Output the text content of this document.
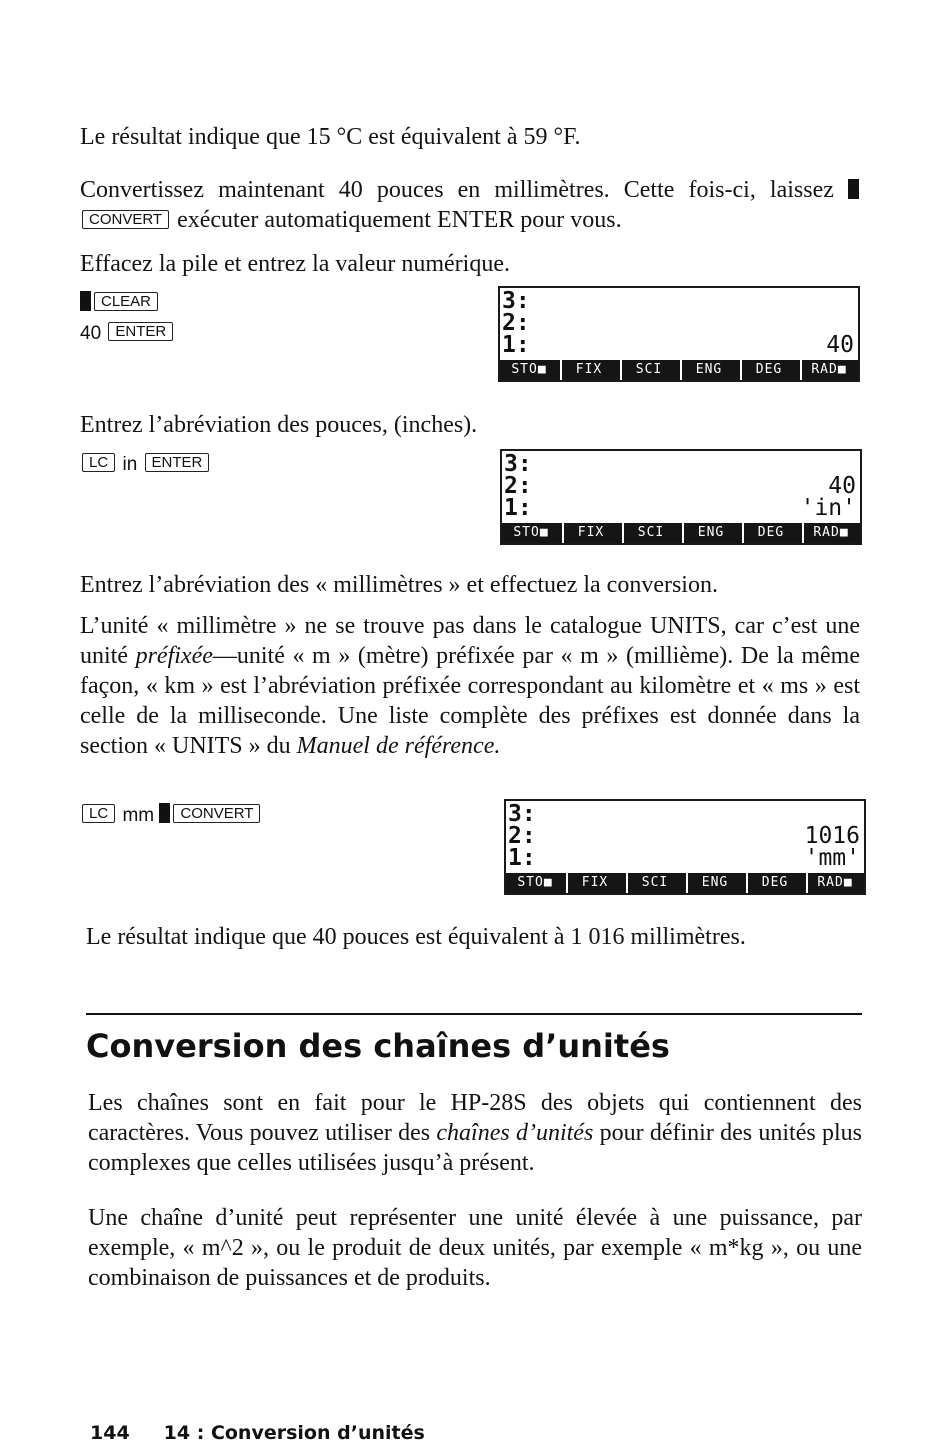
Le résultat indique que 15 °C est équivalent à 59 °F.

Convertissez maintenant 40 pouces en millimètres. Cette fois-ci, laissez CONVERT exécuter automatiquement ENTER pour vous.

Effacez la pile et entrez la valeur numérique.

CLEAR
40 ENTER
3:
2:
1:	40
STO■	FIX	SCI	ENG	DEG	RAD■

Entrez l’abréviation des pouces, (inches).

LC in ENTER	3:
2:	40
1:	'in'
STO■	FIX	SCI	ENG	DEG	RAD■

Entrez l’abréviation des « millimètres » et effectuez la conversion.

L’unité « millimètre » ne se trouve pas dans le catalogue UNITS, car c’est une unité préfixée—unité « m » (mètre) préfixée par « m » (millième). De la même façon, « km » est l’abréviation préfixée correspondant au kilomètre et « ms » est celle de la milliseconde. Une liste complète des préfixes est donnée dans la section « UNITS » du Manuel de référence.

LC mm CONVERT	3:
2:	1016
1:	'mm'
STO■	FIX	SCI	ENG	DEG	RAD■

Le résultat indique que 40 pouces est équivalent à 1 016 millimètres.

Conversion des chaînes d’unités

Les chaînes sont en fait pour le HP-28S des objets qui contiennent des caractères. Vous pouvez utiliser des chaînes d’unités pour définir des unités plus complexes que celles utilisées jusqu’à présent.

Une chaîne d’unité peut représenter une unité élevée à une puissance, par exemple, « m^2 », ou le produit de deux unités, par exemple « m*kg », ou une combinaison de puissances et de produits.

144 14 : Conversion d’unités
